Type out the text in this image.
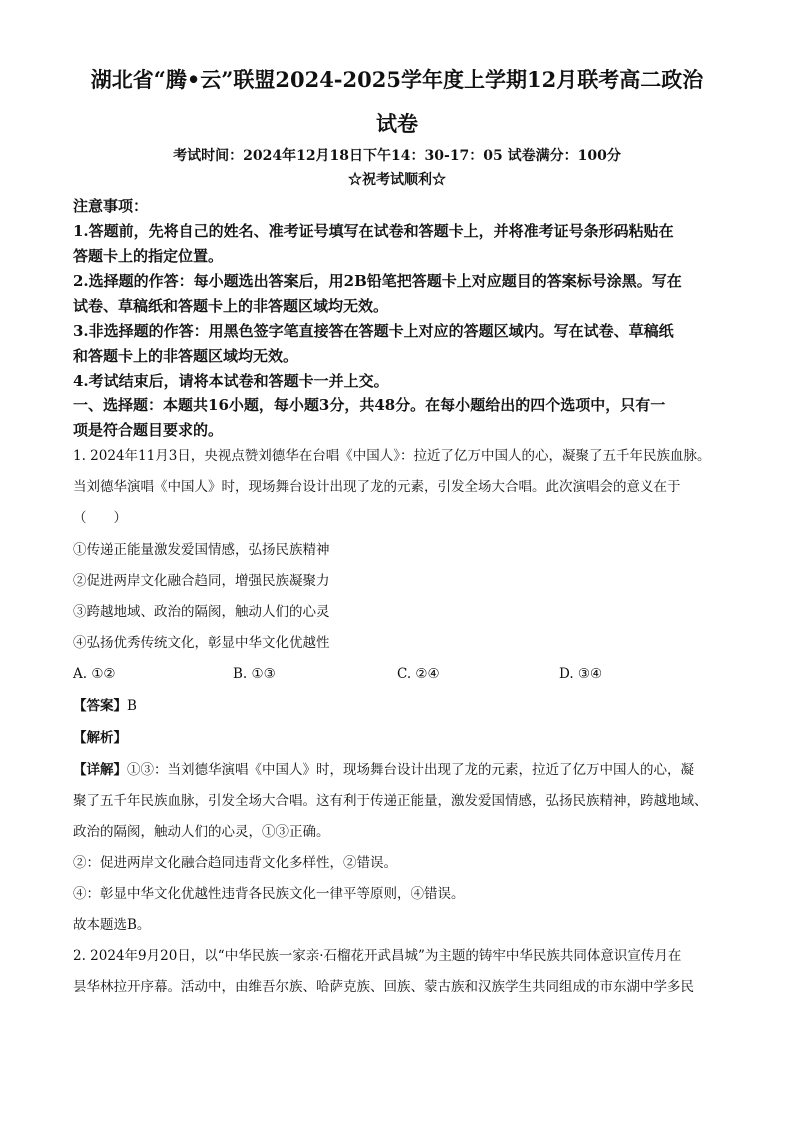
湖北省“腾•云”联盟2024-2025学年度上学期12月联考高二政治
试卷
考试时间：2024年12月18日下午14：30-17：05 试卷满分：100分
☆祝考试顺利☆
注意事项：
1.答题前，先将自己的姓名、准考证号填写在试卷和答题卡上，并将准考证号条形码粘贴在
答题卡上的指定位置。
2.选择题的作答：每小题选出答案后，用2B铅笔把答题卡上对应题目的答案标号涂黑。写在
试卷、草稿纸和答题卡上的非答题区域均无效。
3.非选择题的作答：用黑色签字笔直接答在答题卡上对应的答题区域内。写在试卷、草稿纸
和答题卡上的非答题区域均无效。
4.考试结束后，请将本试卷和答题卡一并上交。
一、选择题：本题共16小题，每小题3分，共48分。在每小题给出的四个选项中，只有一
项是符合题目要求的。
1. 2024年11月3日，央视点赞刘德华在台唱《中国人》：拉近了亿万中国人的心，凝聚了五千年民族血脉。
当刘德华演唱《中国人》时，现场舞台设计出现了龙的元素，引发全场大合唱。此次演唱会的意义在于
（　　）
①传递正能量激发爱国情感，弘扬民族精神
②促进两岸文化融合趋同，增强民族凝聚力
③跨越地域、政治的隔阂，触动人们的心灵
④弘扬优秀传统文化，彰显中华文化优越性
A. ①②	B. ①③	C. ②④	D. ③④
【答案】B
【解析】
【详解】①③：当刘德华演唱《中国人》时，现场舞台设计出现了龙的元素，拉近了亿万中国人的心，凝
聚了五千年民族血脉，引发全场大合唱。这有利于传递正能量，激发爱国情感，弘扬民族精神，跨越地域、
政治的隔阂，触动人们的心灵，①③正确。
②：促进两岸文化融合趋同违背文化多样性，②错误。
④：彰显中华文化优越性违背各民族文化一律平等原则，④错误。
故本题选B。
2. 2024年9月20日，以“中华民族一家亲·石榴花开武昌城”为主题的铸牢中华民族共同体意识宣传月在
昙华林拉开序幕。活动中，由维吾尔族、哈萨克族、回族、蒙古族和汉族学生共同组成的市东湖中学多民
